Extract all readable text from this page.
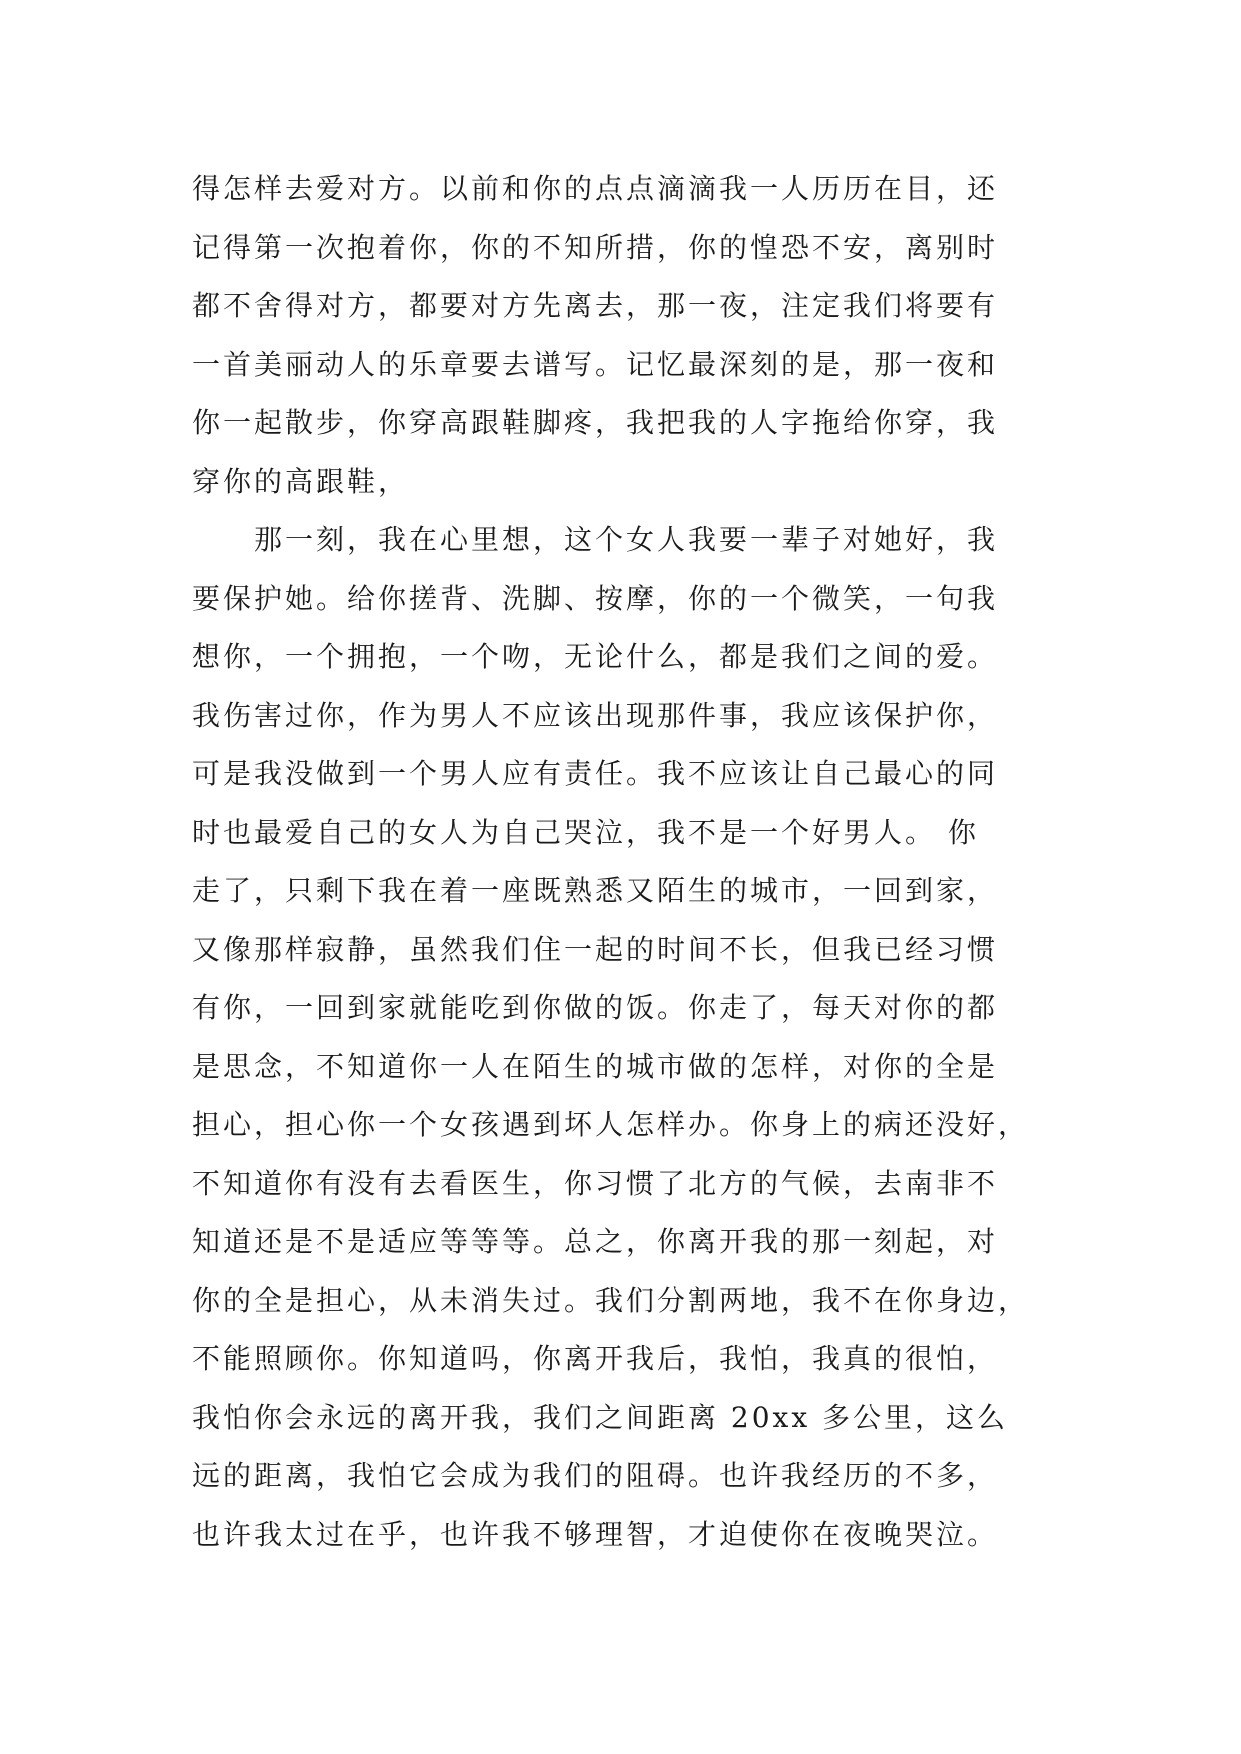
得怎样去爱对方。以前和你的点点滴滴我一人历历在目，还
记得第一次抱着你，你的不知所措，你的惶恐不安，离别时
都不舍得对方，都要对方先离去，那一夜，注定我们将要有
一首美丽动人的乐章要去谱写。记忆最深刻的是，那一夜和
你一起散步，你穿高跟鞋脚疼，我把我的人字拖给你穿，我
穿你的高跟鞋，
那一刻，我在心里想，这个女人我要一辈子对她好，我
要保护她。给你搓背、洗脚、按摩，你的一个微笑，一句我
想你，一个拥抱，一个吻，无论什么，都是我们之间的爱。
我伤害过你，作为男人不应该出现那件事，我应该保护你，
可是我没做到一个男人应有责任。我不应该让自己最心的同
时也最爱自己的女人为自己哭泣，我不是一个好男人。 你
走了，只剩下我在着一座既熟悉又陌生的城市，一回到家，
又像那样寂静，虽然我们住一起的时间不长，但我已经习惯
有你，一回到家就能吃到你做的饭。你走了，每天对你的都
是思念，不知道你一人在陌生的城市做的怎样，对你的全是
担心，担心你一个女孩遇到坏人怎样办。你身上的病还没好，
不知道你有没有去看医生，你习惯了北方的气候，去南非不
知道还是不是适应等等等。总之，你离开我的那一刻起，对
你的全是担心，从未消失过。我们分割两地，我不在你身边，
不能照顾你。你知道吗，你离开我后，我怕，我真的很怕，
我怕你会永远的离开我，我们之间距离 20xx 多公里，这么
远的距离，我怕它会成为我们的阻碍。也许我经历的不多，
也许我太过在乎，也许我不够理智，才迫使你在夜晚哭泣。
